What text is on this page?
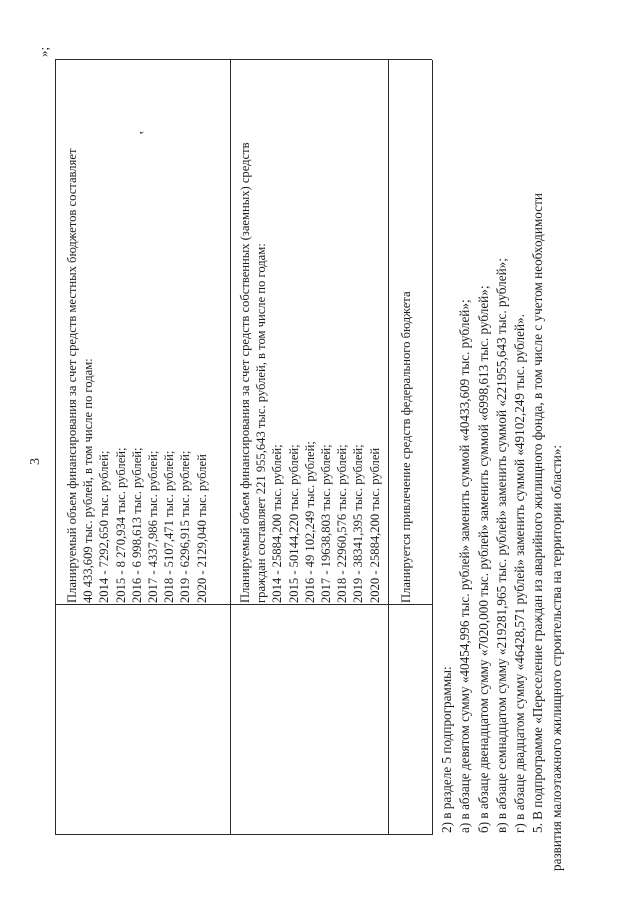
3 Планируемый объем финансирования за счет средств местных бюджетов составляет 40 433,609 тыс. рублей, в том числе по годам: 2014 - 7292,650 тыс. рублей; 2015 - 8 270,934 тыс. рублей; 2016 - 6 998,613 тыс. рублей; 2017 - 4337,986 тыс. рублей; 2018 - 5107,471 тыс. рублей; 2019 - 6296,915 тыс. рублей; 2020 - 2129,040 тыс. рублей Планируемый объем финансирования за счет средств собственных (заемных) средств граждан составляет 221 955,643 тыс. рублей, в том числе по годам: 2014 - 25884,200 тыс. рублей; 2015 - 50144,220 тыс. рублей; 2016 - 49 102,249 тыс. рублей; 2017 - 19638,803 тыс. рублей; 2018 - 22960,576 тыс. рублей; 2019 - 38341,395 тыс. рублей; 2020 - 25884,200 тыс. рублей Планируется привлечение средств федерального бюджета
‛
»;
2) в разделе 5 подпрограммы: а) в абзаце девятом сумму «40454,996 тыс. рублей» заменить суммой «40433,609 тыс. рублей»; б) в абзаце двенадцатом сумму «7020,000 тыс. рублей» заменить суммой «6998,613 тыс. рублей»; в) в абзаце семнадцатом сумму «219281,965 тыс. рублей» заменить суммой «221955,643 тыс. рублей»; г) в абзаце двадцатом сумму «46428,571 рублей» заменить суммой «49102,249 тыс. рублей». 5. В подпрограмме «Переселение граждан из аварийного жилищного фонда, в том числе с учетом необходимости развития малоэтажного жилищного строительства на территории области»:
